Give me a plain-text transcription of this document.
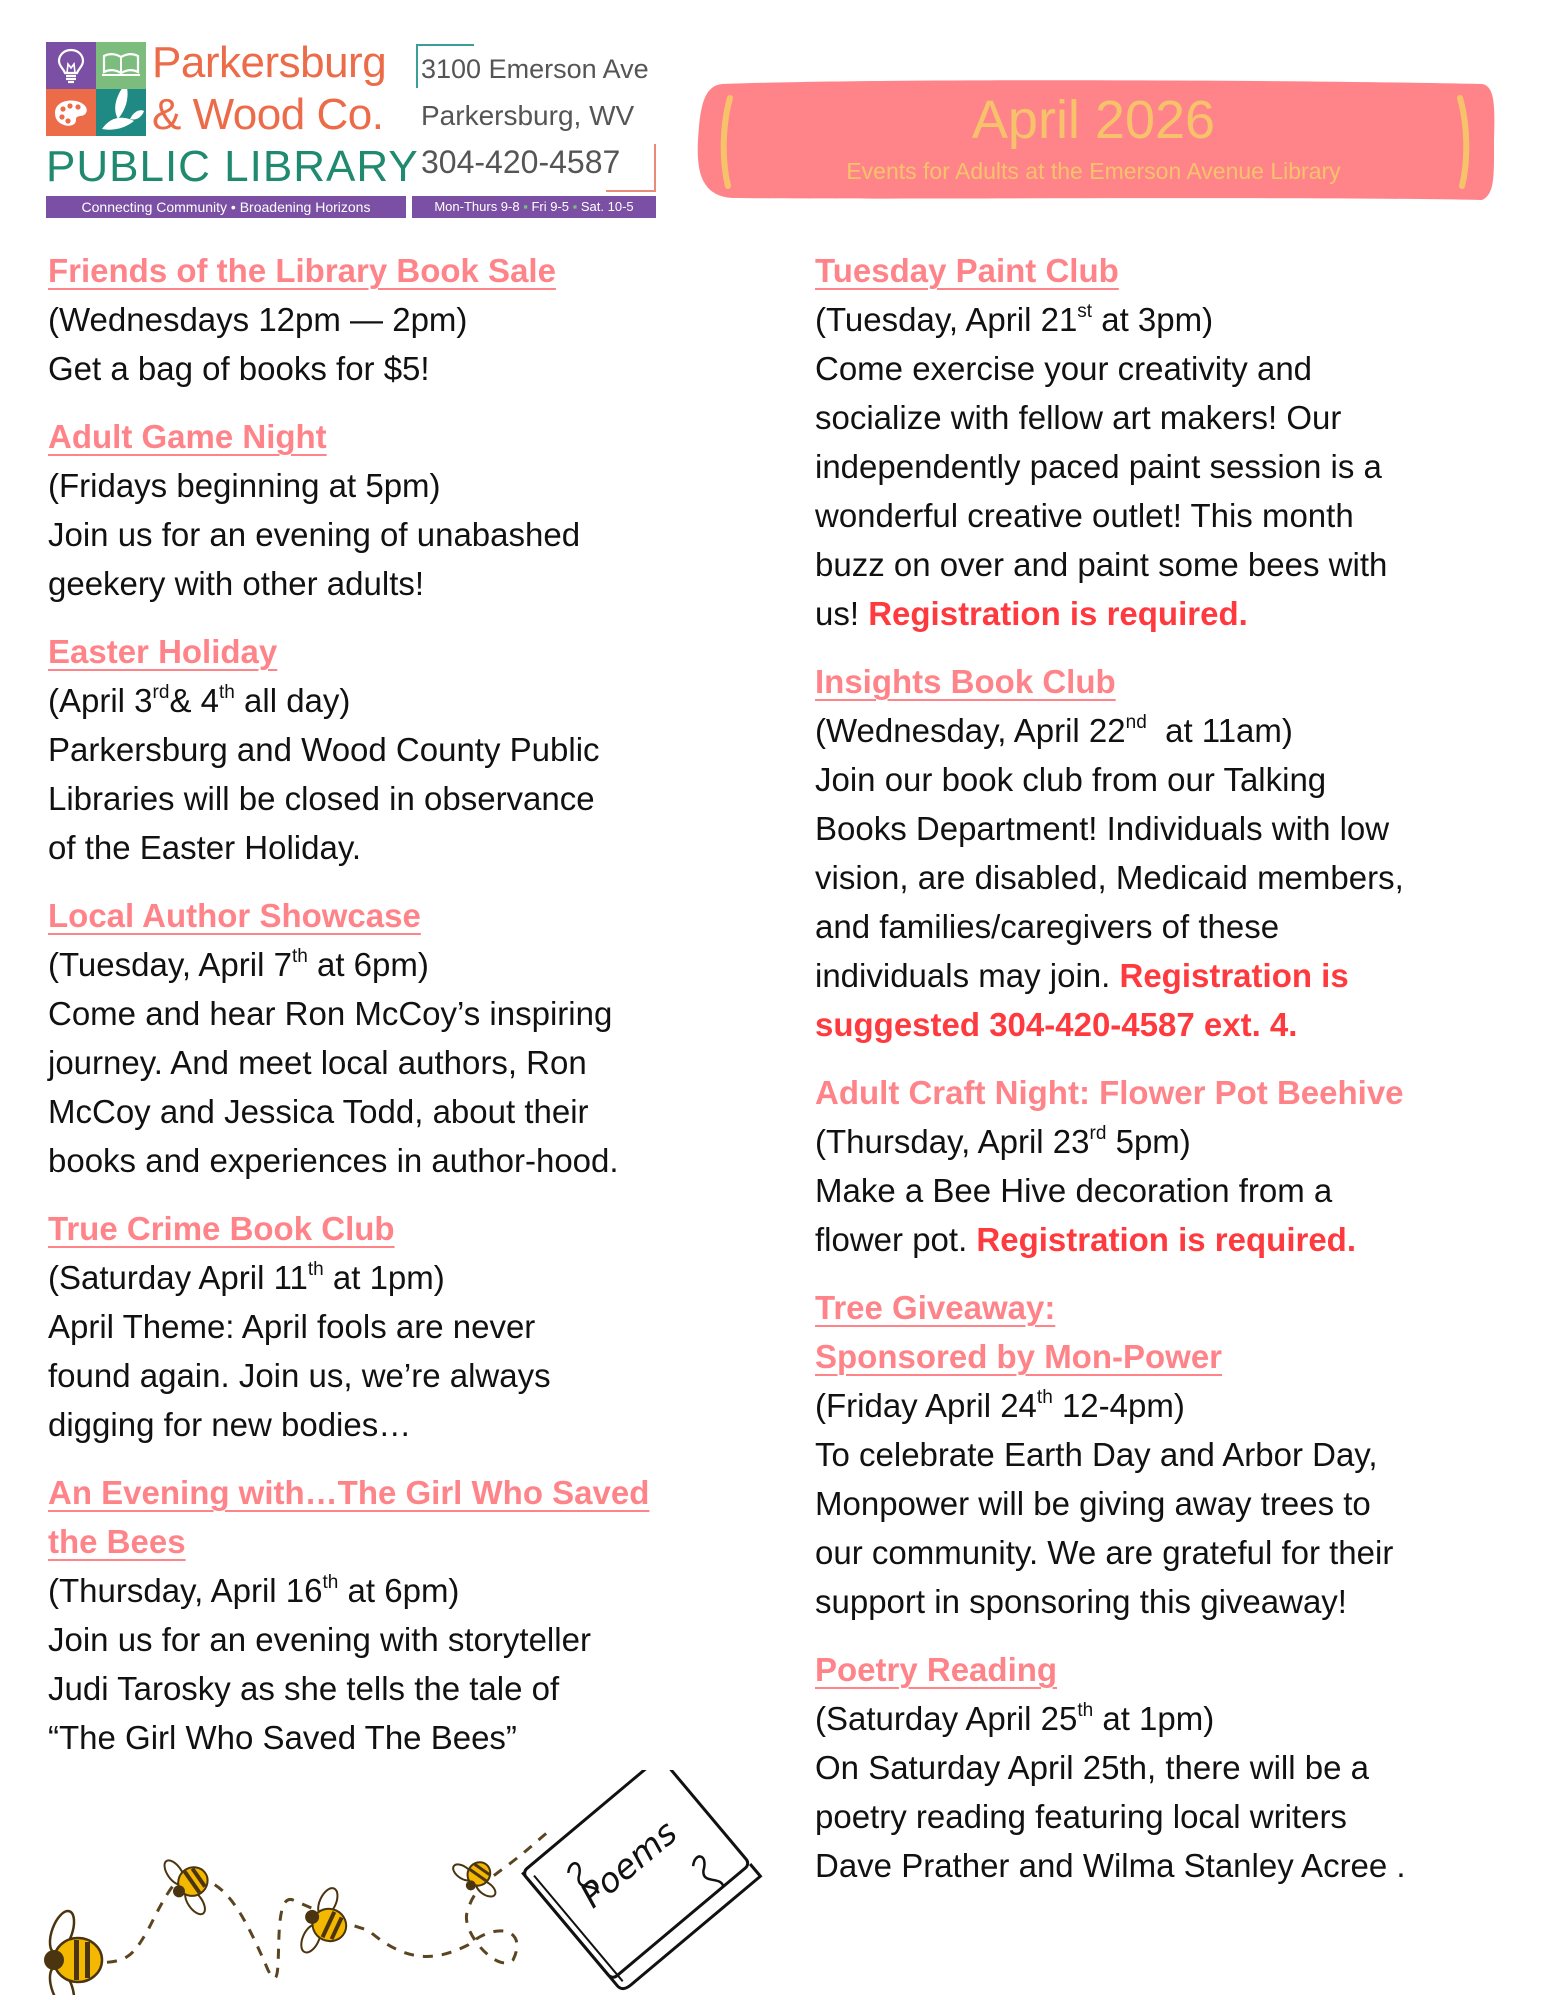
Parkersburg
& Wood Co.
PUBLIC LIBRARY
Connecting Community • Broadening Horizons	Mon-Thurs 9-8 ▪ Fri 9-5 ▪ Sat. 10-5
3100 Emerson Ave
Parkersburg, WV
304-420-4587
April 2026
Events for Adults at the Emerson Avenue Library
Friends of the Library Book Sale
(Wednesdays 12pm — 2pm)
Get a bag of books for $5!
Adult Game Night
(Fridays beginning at 5pm)
Join us for an evening of unabashed
geekery with other adults!
Easter Holiday
(April 3rd& 4th all day)
Parkersburg and Wood County Public
Libraries will be closed in observance
of the Easter Holiday.
Local Author Showcase
(Tuesday, April 7th at 6pm)
Come and hear Ron McCoy’s inspiring
journey. And meet local authors, Ron
McCoy and Jessica Todd, about their
books and experiences in author-hood.
True Crime Book Club
(Saturday April 11th at 1pm)
April Theme: April fools are never
found again. Join us, we’re always
digging for new bodies…
An Evening with…The Girl Who Saved
the Bees
(Thursday, April 16th at 6pm)
Join us for an evening with storyteller
Judi Tarosky as she tells the tale of
“The Girl Who Saved The Bees”
Tuesday Paint Club
(Tuesday, April 21st at 3pm)
Come exercise your creativity and
socialize with fellow art makers! Our
independently paced paint session is a
wonderful creative outlet! This month
buzz on over and paint some bees with
us! Registration is required.
Insights Book Club
(Wednesday, April 22nd  at 11am)
Join our book club from our Talking
Books Department! Individuals with low
vision, are disabled, Medicaid members,
and families/caregivers of these
individuals may join. Registration is
suggested 304-420-4587 ext. 4.
Adult Craft Night: Flower Pot Beehive
(Thursday, April 23rd 5pm)
Make a Bee Hive decoration from a
flower pot. Registration is required.
Tree Giveaway:
Sponsored by Mon-Power
(Friday April 24th 12-4pm)
To celebrate Earth Day and Arbor Day,
Monpower will be giving away trees to
our community. We are grateful for their
support in sponsoring this giveaway!
Poetry Reading
(Saturday April 25th at 1pm)
On Saturday April 25th, there will be a
poetry reading featuring local writers
Dave Prather and Wilma Stanley Acree .
Poems
